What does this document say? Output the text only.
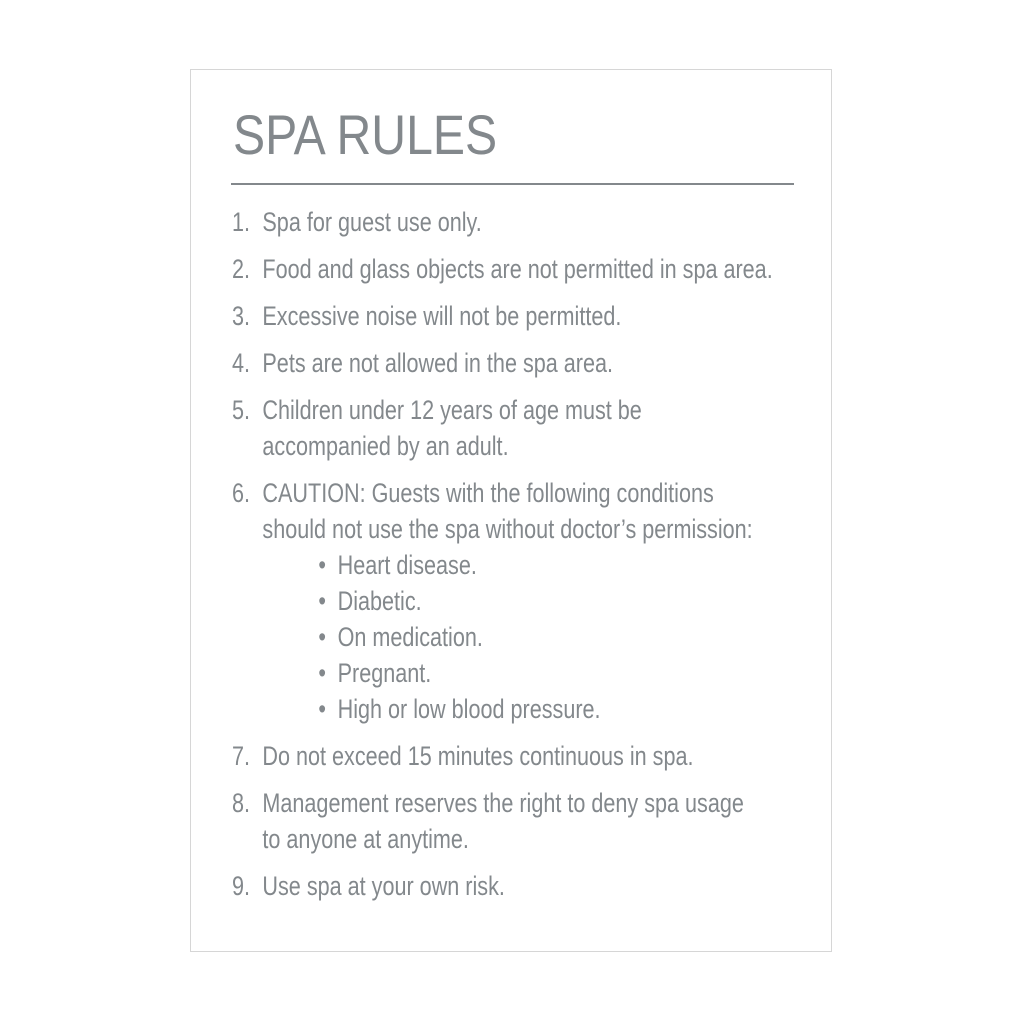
SPA RULES
1. Spa for guest use only.
2. Food and glass objects are not permitted in spa area.
3. Excessive noise will not be permitted.
4. Pets are not allowed in the spa area.
5. Children under 12 years of age must be
accompanied by an adult.
6. CAUTION: Guests with the following conditions
should not use the spa without doctor’s permission:
• Heart disease.
• Diabetic.
• On medication.
• Pregnant.
• High or low blood pressure.
7. Do not exceed 15 minutes continuous in spa.
8. Management reserves the right to deny spa usage
to anyone at anytime.
9. Use spa at your own risk.
